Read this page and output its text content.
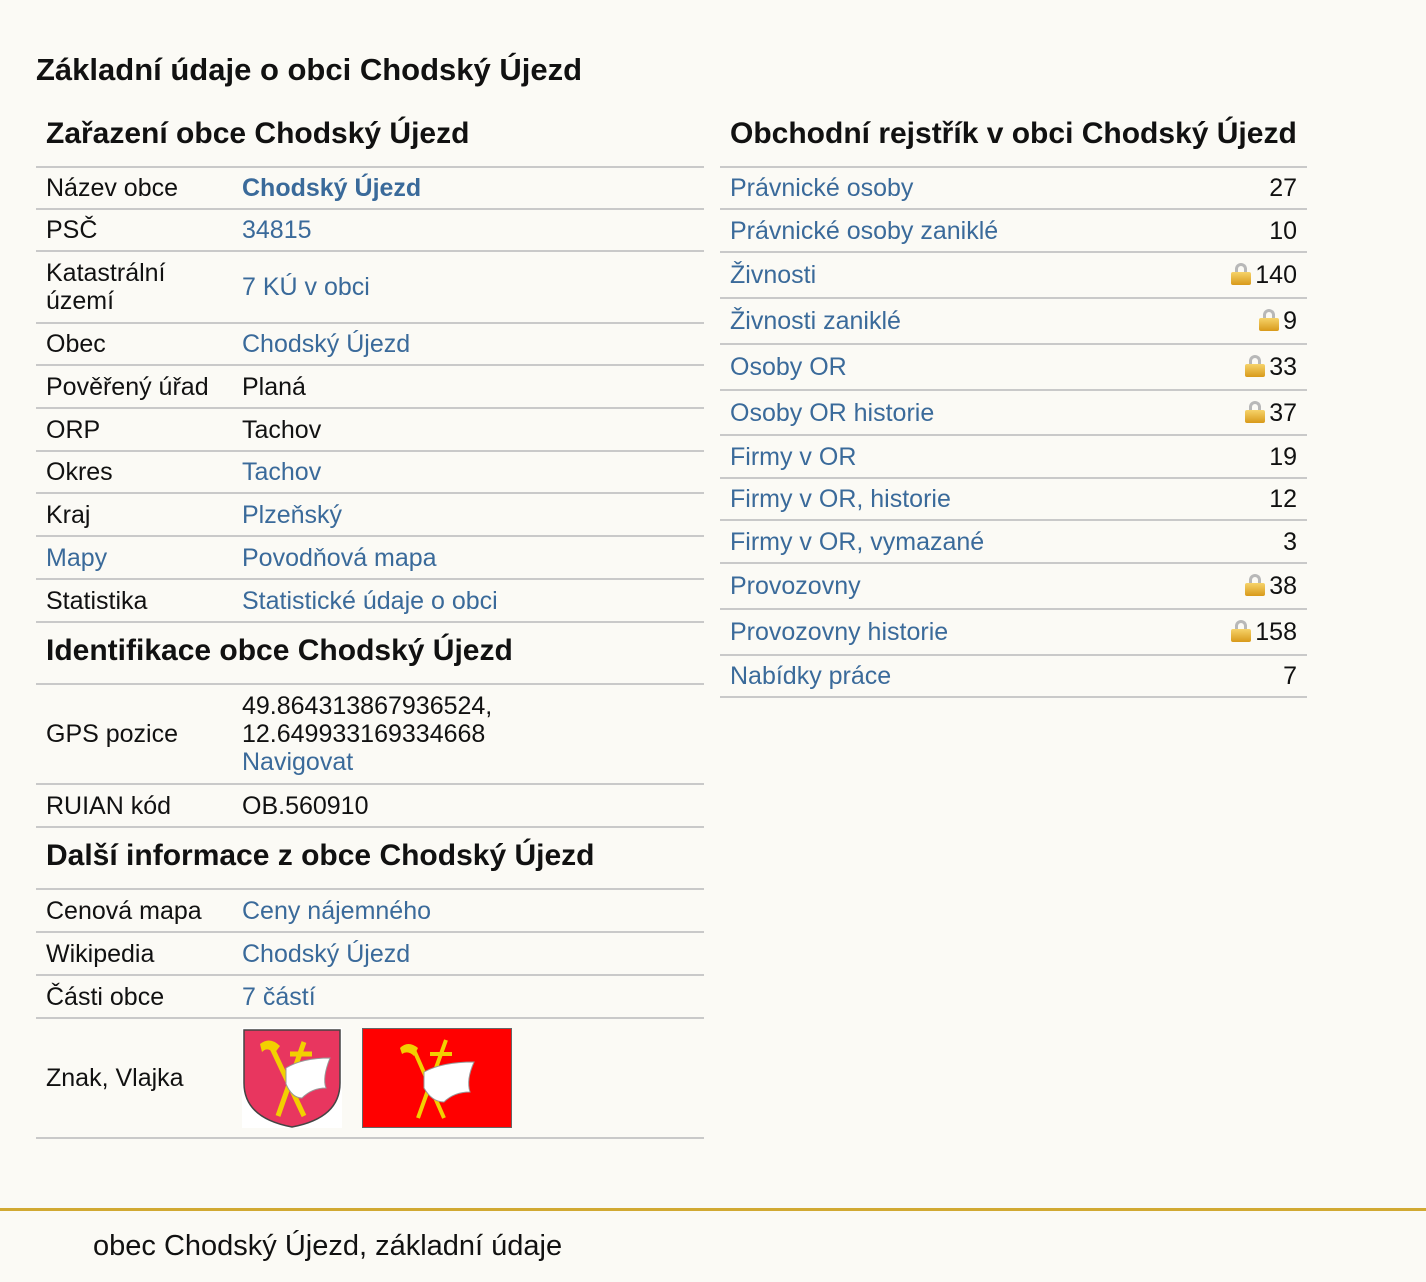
Základní údaje o obci Chodský Újezd
Zařazení obce Chodský Újezd
Název obce	Chodský Újezd
PSČ	34815
Katastrální území	7 KÚ v obci
Obec	Chodský Újezd
Pověřený úřad	Planá
ORP	Tachov
Okres	Tachov
Kraj	Plzeňský
Mapy	Povodňová mapa
Statistika	Statistické údaje o obci
Identifikace obce Chodský Újezd
GPS pozice	49.864313867936524,
12.649933169334668
Navigovat

RUIAN kód	OB.560910
Další informace z obce Chodský Újezd
Cenová mapa	Ceny nájemného
Wikipedia	Chodský Újezd
Části obce	7 částí
Znak, Vlajka	
Obchodní rejstřík v obci Chodský Újezd
Právnické osoby	27
Právnické osoby zaniklé	10
Živnosti	140
Živnosti zaniklé	9
Osoby OR	33
Osoby OR historie	37
Firmy v OR	19
Firmy v OR, historie	12
Firmy v OR, vymazané	3
Provozovny	38
Provozovny historie	158
Nabídky práce	7
obec Chodský Újezd, základní údaje
